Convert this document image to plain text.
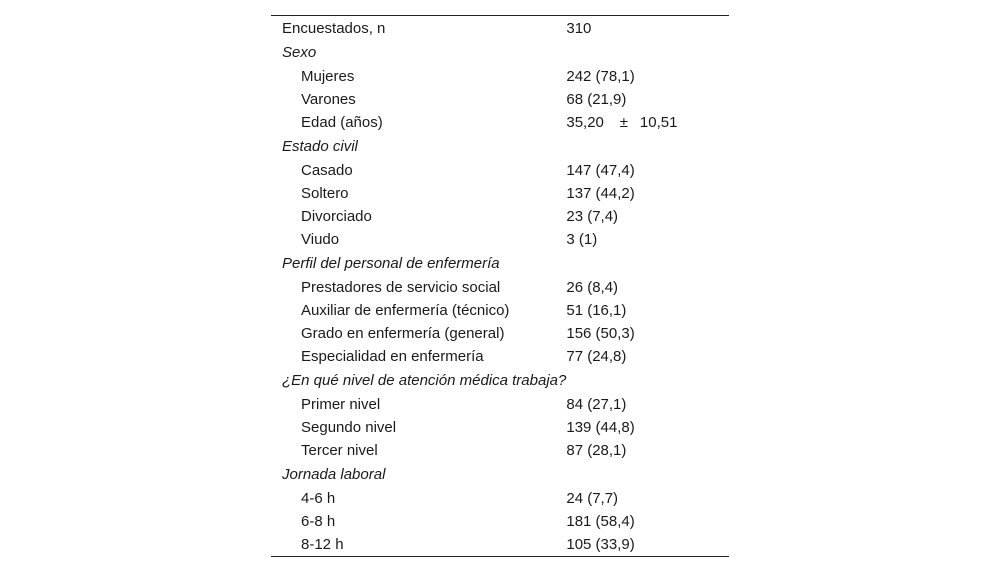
Encuestados, n	310
Sexo	
Mujeres	242 (78,1)
Varones	68 (21,9)
Edad (años)	35,20 ± 10,51
Estado civil	
Casado	147 (47,4)
Soltero	137 (44,2)
Divorciado	23 (7,4)
Viudo	3 (1)
Perfil del personal de enfermería	
Prestadores de servicio social	26 (8,4)
Auxiliar de enfermería (técnico)	51 (16,1)
Grado en enfermería (general)	156 (50,3)
Especialidad en enfermería	77 (24,8)
¿En qué nivel de atención médica trabaja?	
Primer nivel	84 (27,1)
Segundo nivel	139 (44,8)
Tercer nivel	87 (28,1)
Jornada laboral	
4-6 h	24 (7,7)
6-8 h	181 (58,4)
8-12 h	105 (33,9)
